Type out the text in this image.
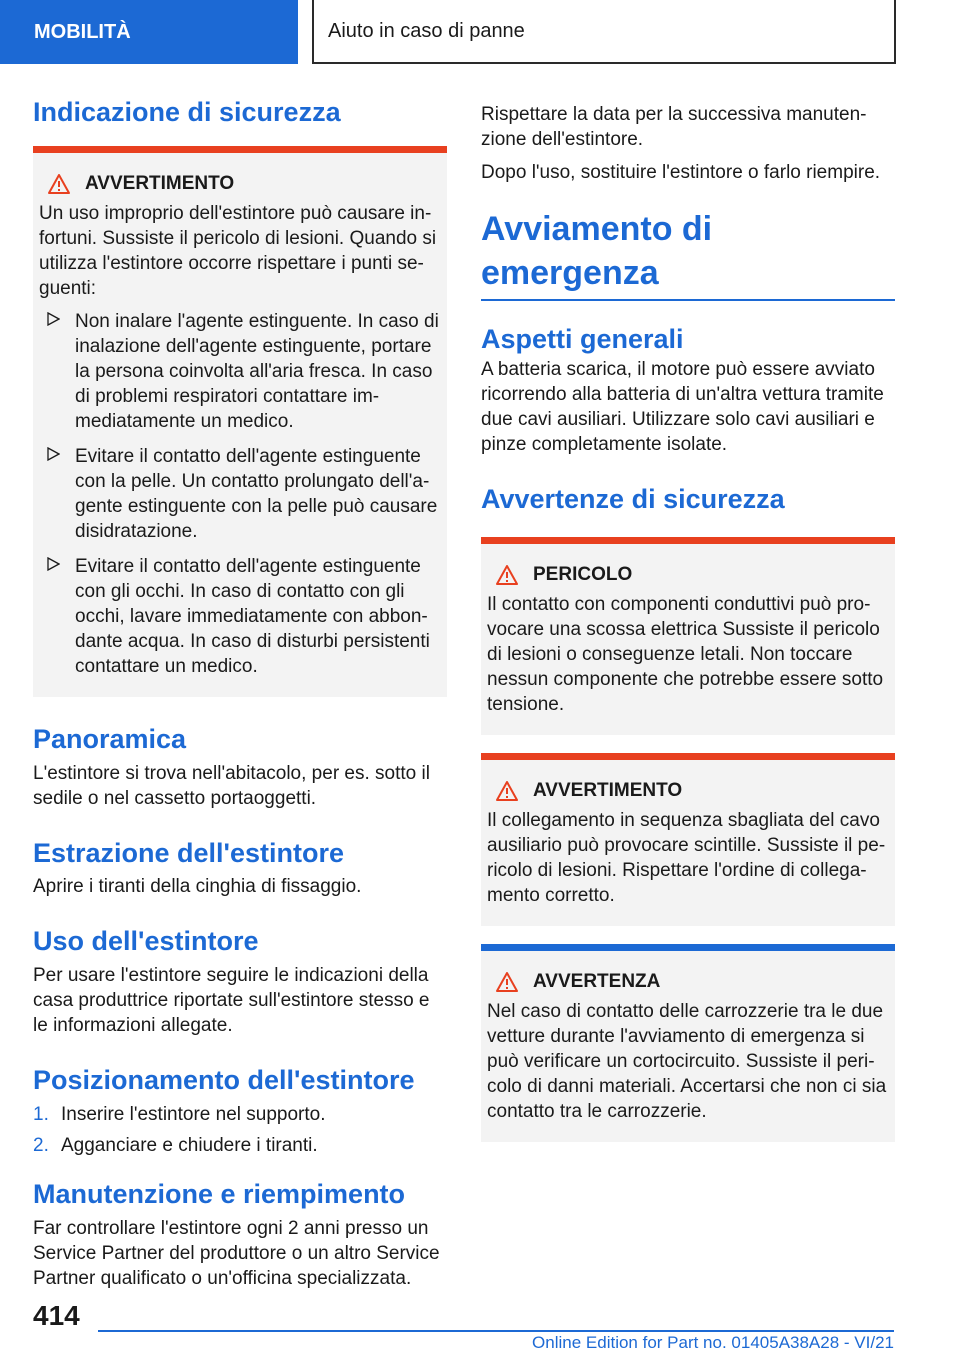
MOBILITÀ	Aiuto in caso di panne
Indicazione di sicurezza
AVVERTIMENTO

Un uso improprio dell'estintore può causare infortuni. Sussiste il pericolo di lesioni. Quando si utilizza l'estintore occorre rispettare i punti seguenti:

Non inalare l'agente estinguente. In caso di inalazione dell'agente estinguente, portare la persona coinvolta all'aria fresca. In caso di problemi respiratori contattare immediatamente un medico.
Evitare il contatto dell'agente estinguente con la pelle. Un contatto prolungato dell'agente estinguente con la pelle può causare disidratazione.
Evitare il contatto dell'agente estinguente con gli occhi. In caso di contatto con gli occhi, lavare immediatamente con abbondante acqua. In caso di disturbi persistenti contattare un medico.
Panoramica

L'estintore si trova nell'abitacolo, per es. sotto il sedile o nel cassetto portaoggetti.

Estrazione dell'estintore

Aprire i tiranti della cinghia di fissaggio.

Uso dell'estintore

Per usare l'estintore seguire le indicazioni della casa produttrice riportate sull'estintore stesso e le informazioni allegate.

Posizionamento dell'estintore
1. Inserire l'estintore nel supporto.
2. Agganciare e chiudere i tiranti.
Manutenzione e riempimento

Far controllare l'estintore ogni 2 anni presso un Service Partner del produttore o un altro Service Partner qualificato o un'officina specializzata.

Rispettare la data per la successiva manutenzione dell'estintore.

Dopo l'uso, sostituire l'estintore o farlo riempire.

Avviamento di emergenza
Aspetti generali

A batteria scarica, il motore può essere avviato ricorrendo alla batteria di un'altra vettura tramite due cavi ausiliari. Utilizzare solo cavi ausiliari e pinze completamente isolate.

Avvertenze di sicurezza
PERICOLO

Il contatto con componenti conduttivi può provocare una scossa elettrica Sussiste il pericolo di lesioni o conseguenze letali. Non toccare nessun componente che potrebbe essere sotto tensione.

AVVERTIMENTO

Il collegamento in sequenza sbagliata del cavo ausiliario può provocare scintille. Sussiste il pericolo di lesioni. Rispettare l'ordine di collegamento corretto.

AVVERTENZA

Nel caso di contatto delle carrozzerie tra le due vetture durante l'avviamento di emergenza si può verificare un cortocircuito. Sussiste il pericolo di danni materiali. Accertarsi che non ci sia contatto tra le carrozzerie.

414
Online Edition for Part no. 01405A38A28 - VI/21
